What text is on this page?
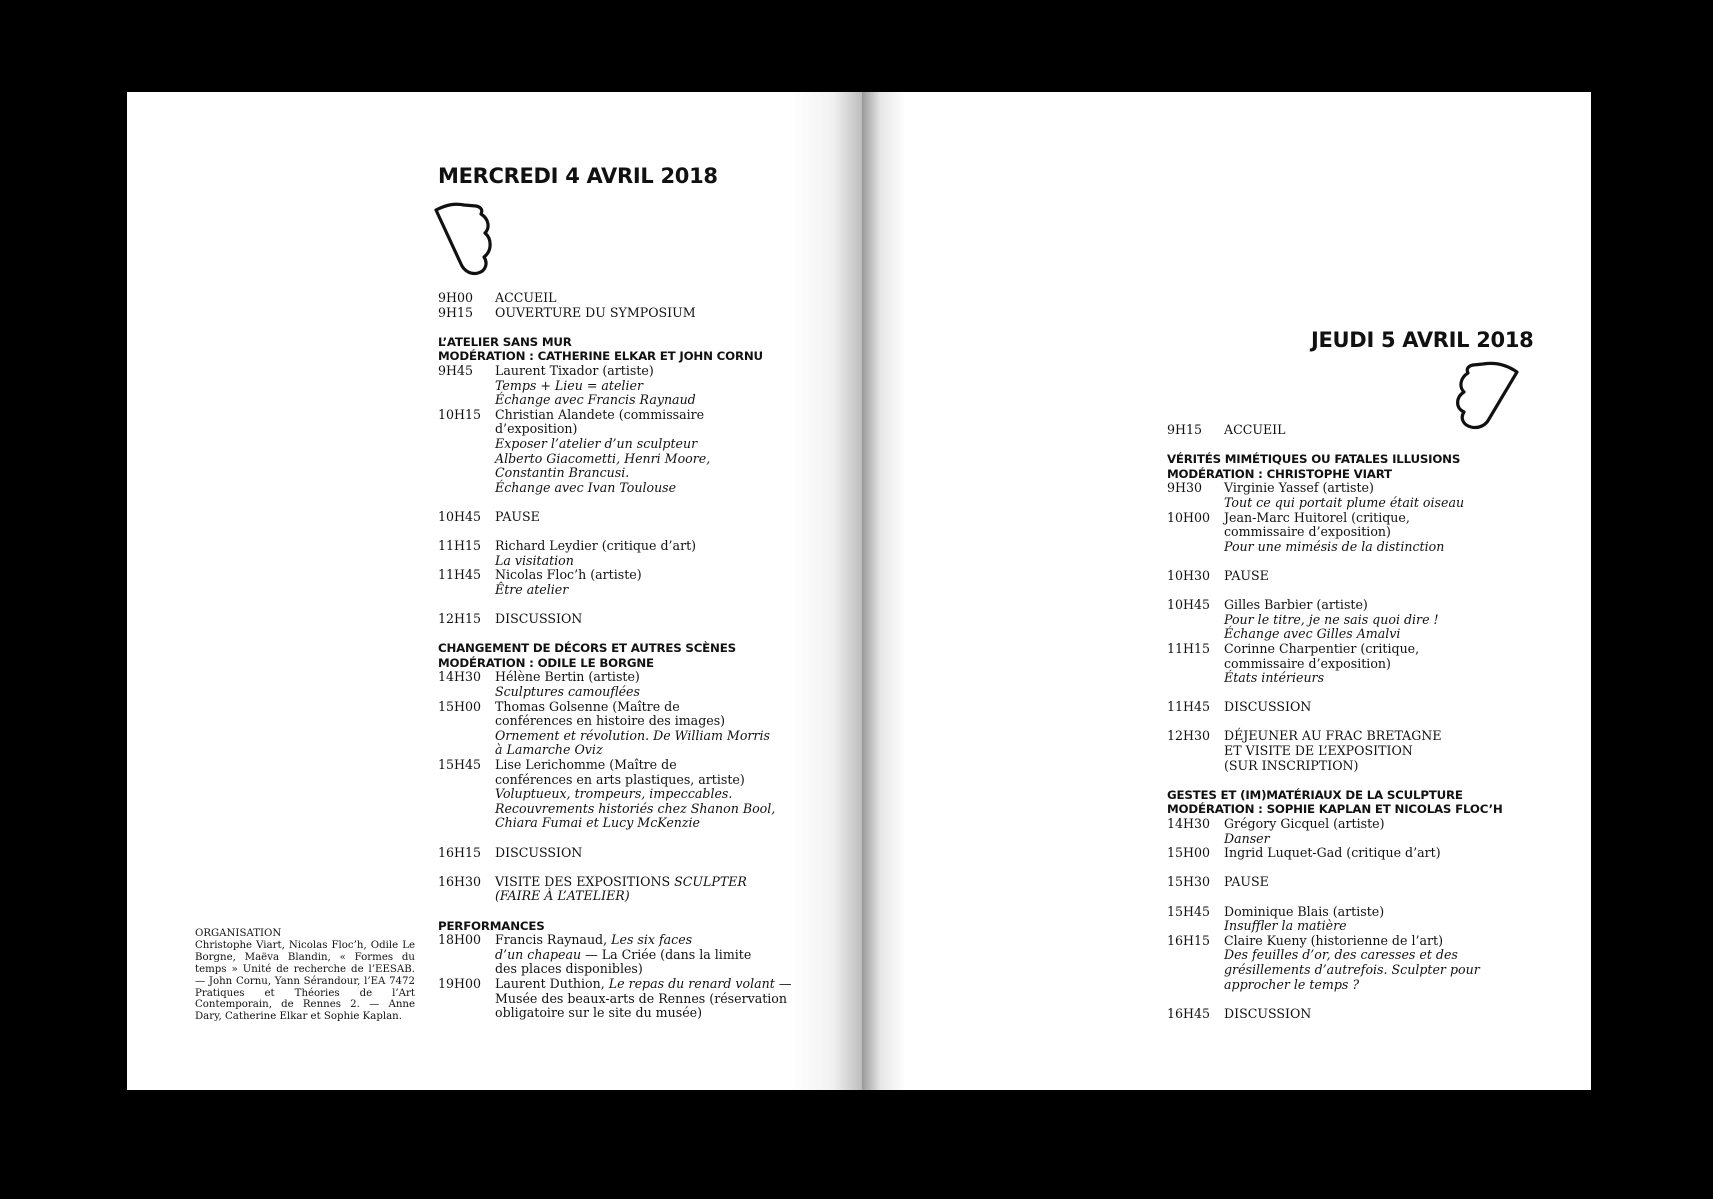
MERCREDI 4 AVRIL 2018
9H00	ACCUEIL
9H15	OUVERTURE DU SYMPOSIUM
L’ATELIER SANS MUR
MODÉRATION : CATHERINE ELKAR ET JOHN CORNU
9H45	Laurent Tixador (artiste)
Temps + Lieu = atelier
Échange avec Francis Raynaud
10H15	Christian Alandete (commissaire
d’exposition)
Exposer l’atelier d’un sculpteur
Alberto Giacometti, Henri Moore,
Constantin Brancusi.
Échange avec Ivan Toulouse
10H45	PAUSE
11H15	Richard Leydier (critique d’art)
La visitation
11H45	Nicolas Floc’h (artiste)
Être atelier
12H15	DISCUSSION
CHANGEMENT DE DÉCORS ET AUTRES SCÈNES
MODÉRATION : ODILE LE BORGNE
14H30	Hélène Bertin (artiste)
Sculptures camouflées
15H00	Thomas Golsenne (Maître de
conférences en histoire des images)
Ornement et révolution. De William Morris
à Lamarche Oviz
15H45	Lise Lerichomme (Maître de
conférences en arts plastiques, artiste)
Voluptueux, trompeurs, impeccables.
Recouvrements historiés chez Shanon Bool,
Chiara Fumai et Lucy McKenzie
16H15	DISCUSSION
16H30	VISITE DES EXPOSITIONS SCULPTER
(FAIRE À L’ATELIER)
PERFORMANCES
18H00	Francis Raynaud, Les six faces
d’un chapeau — La Criée (dans la limite
des places disponibles)
19H00	Laurent Duthion, Le repas du renard volant —
Musée des beaux-arts de Rennes (réservation
obligatoire sur le site du musée)
ORGANISATION
Christophe Viart, Nicolas Floc’h, Odile Le Borgne, Maëva Blandin, « Formes du temps » Unité de recherche de l’EESAB. — John Cornu, Yann Sérandour, l’EA 7472 Pratiques et Théories de l’Art Contemporain, de Rennes 2. — Anne Dary, Catherine Elkar et Sophie Kaplan.
JEUDI 5 AVRIL 2018
9H15	ACCUEIL
VÉRITÉS MIMÉTIQUES OU FATALES ILLUSIONS
MODÉRATION : CHRISTOPHE VIART
9H30	Virginie Yassef (artiste)
Tout ce qui portait plume était oiseau
10H00	Jean-Marc Huitorel (critique,
commissaire d’exposition)
Pour une mimésis de la distinction
10H30	PAUSE
10H45	Gilles Barbier (artiste)
Pour le titre, je ne sais quoi dire !
Échange avec Gilles Amalvi
11H15	Corinne Charpentier (critique,
commissaire d’exposition)
États intérieurs
11H45	DISCUSSION
12H30	DÉJEUNER AU FRAC BRETAGNE
ET VISITE DE L’EXPOSITION
(SUR INSCRIPTION)
GESTES ET (IM)MATÉRIAUX DE LA SCULPTURE
MODÉRATION : SOPHIE KAPLAN ET NICOLAS FLOC’H
14H30	Grégory Gicquel (artiste)
Danser
15H00	Ingrid Luquet-Gad (critique d’art)
15H30	PAUSE
15H45	Dominique Blais (artiste)
Insuffler la matière
16H15	Claire Kueny (historienne de l’art)
Des feuilles d’or, des caresses et des
grésillements d’autrefois. Sculpter pour
approcher le temps ?
16H45	DISCUSSION
